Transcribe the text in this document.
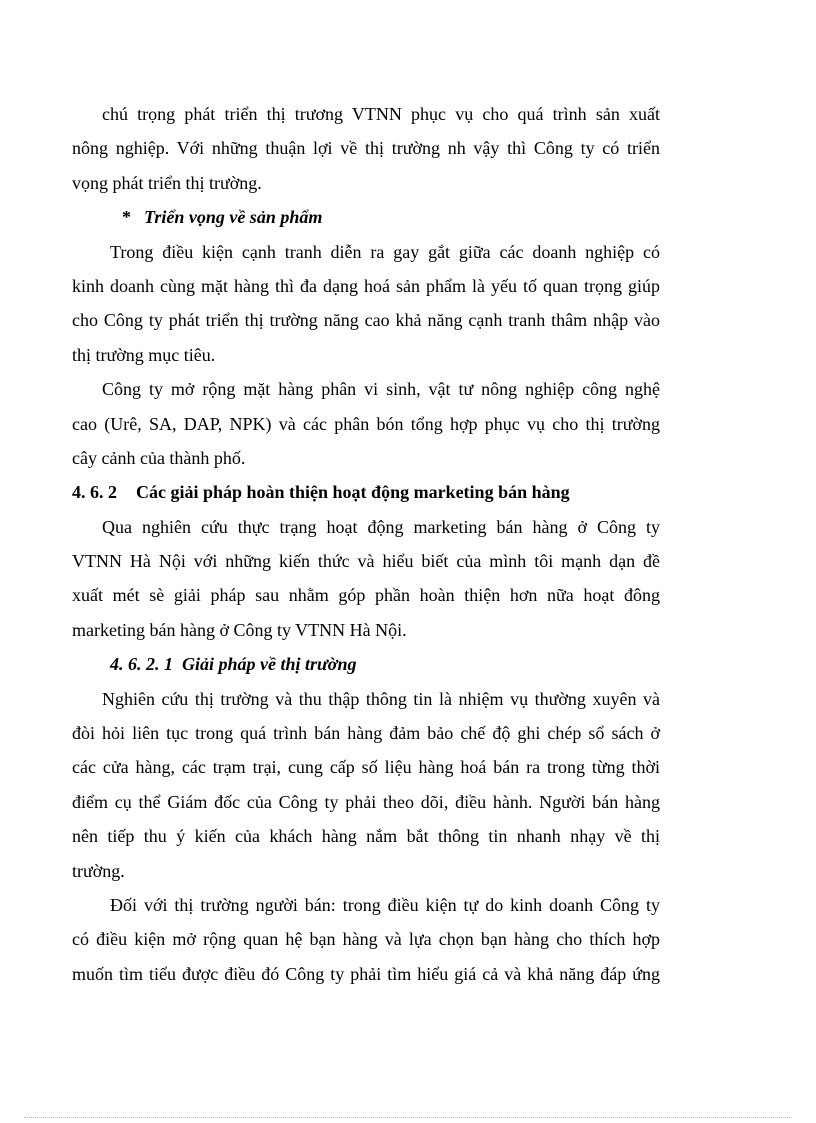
chú trọng phát triển thị trương VTNN phục vụ cho quá trình sản xuất
nông nghiệp. Với những thuận lợi về thị trường nh vậy thì Công ty có triển
vọng phát triển thị trường.
* Triển vọng về sản phẩm
Trong điều kiện cạnh tranh diễn ra gay gắt giữa các doanh nghiệp có
kinh doanh cùng mặt hàng thì đa dạng hoá sản phẩm là yếu tố quan trọng giúp
cho Công ty phát triển thị trường năng cao khả năng cạnh tranh thâm nhập vào
thị trường mục tiêu.
Công ty mở rộng mặt hàng phân vi sinh, vật tư nông nghiệp công nghệ
cao (Urê, SA, DAP, NPK) và các phân bón tổng hợp phục vụ cho thị trường
cây cảnh của thành phố.
4. 6. 2 Các giải pháp hoàn thiện hoạt động marketing bán hàng
Qua nghiên cứu thực trạng hoạt động marketing bán hàng ở Công ty
VTNN Hà Nội với những kiến thức và hiểu biết của mình tôi mạnh dạn đề
xuất mét sè giải pháp sau nhằm góp phần hoàn thiện hơn nữa hoạt đông
marketing bán hàng ở Công ty VTNN Hà Nội.
4. 6. 2. 1 Giải pháp về thị trường
Nghiên cứu thị trường và thu thập thông tin là nhiệm vụ thường xuyên và
đòi hỏi liên tục trong quá trình bán hàng đảm bảo chế độ ghi chép sổ sách ở
các cửa hàng, các trạm trại, cung cấp số liệu hàng hoá bán ra trong từng thời
điểm cụ thể Giám đốc của Công ty phải theo dõi, điều hành. Người bán hàng
nên tiếp thu ý kiến của khách hàng nắm bắt thông tin nhanh nhạy về thị
trường.
Đối với thị trường người bán: trong điều kiện tự do kinh doanh Công ty
có điều kiện mở rộng quan hệ bạn hàng và lựa chọn bạn hàng cho thích hợp
muốn tìm tiểu được điều đó Công ty phải tìm hiểu giá cả và khả năng đáp ứng
